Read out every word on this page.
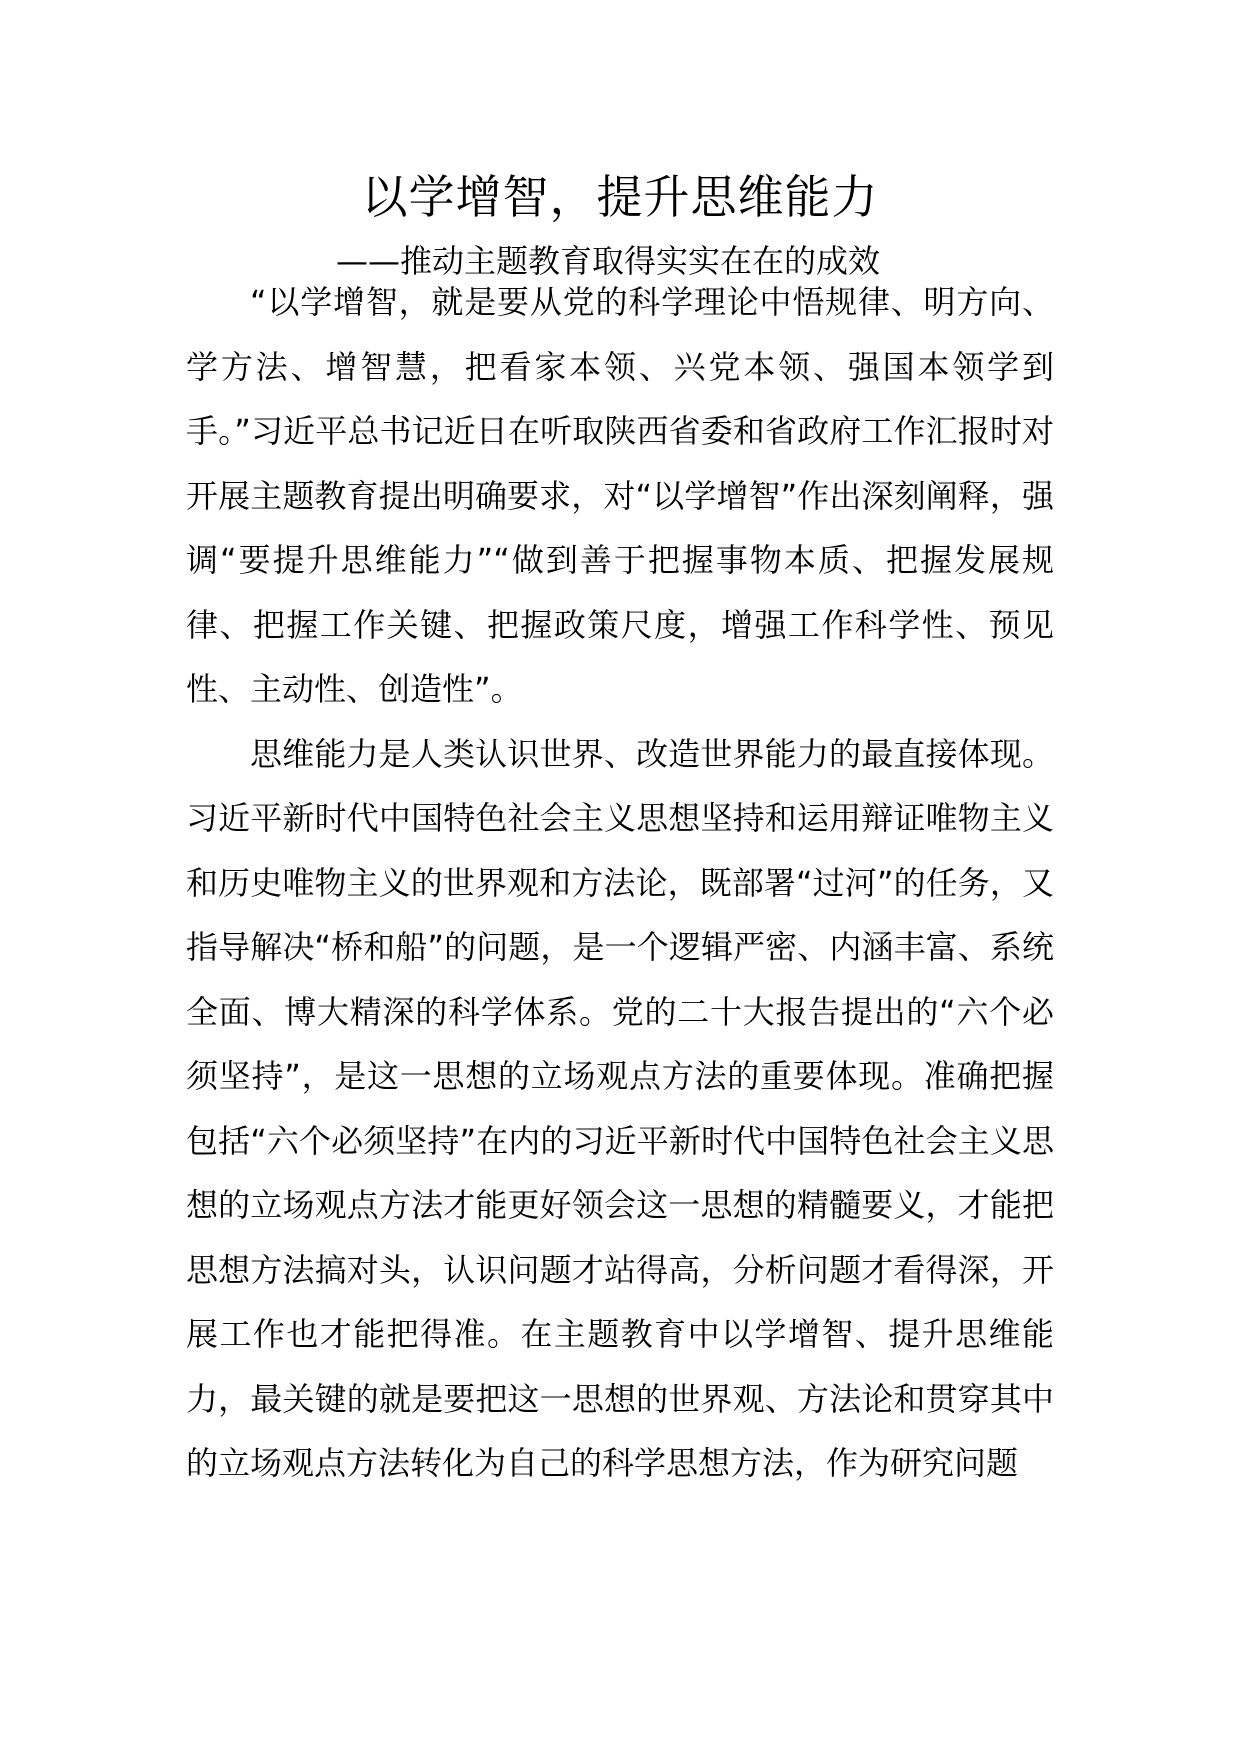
以学增智，提升思维能力
——推动主题教育取得实实在在的成效

“以学增智，就是要从党的科学理论中悟规律、明方向、学方法、增智慧，把看家本领、兴党本领、强国本领学到手。”习近平总书记近日在听取陕西省委和省政府工作汇报时对开展主题教育提出明确要求，对“以学增智”作出深刻阐释，强调“要提升思维能力”“做到善于把握事物本质、把握发展规律、把握工作关键、把握政策尺度，增强工作科学性、预见性、主动性、创造性”。

思维能力是人类认识世界、改造世界能力的最直接体现。习近平新时代中国特色社会主义思想坚持和运用辩证唯物主义和历史唯物主义的世界观和方法论，既部署“过河”的任务，又指导解决“桥和船”的问题，是一个逻辑严密、内涵丰富、系统全面、博大精深的科学体系。党的二十大报告提出的“六个必须坚持”，是这一思想的立场观点方法的重要体现。准确把握包括“六个必须坚持”在内的习近平新时代中国特色社会主义思想的立场观点方法才能更好领会这一思想的精髓要义，才能把思想方法搞对头，认识问题才站得高，分析问题才看得深，开展工作也才能把得准。在主题教育中以学增智、提升思维能力，最关键的就是要把这一思想的世界观、方法论和贯穿其中的立场观点方法转化为自己的科学思想方法，作为研究问题
